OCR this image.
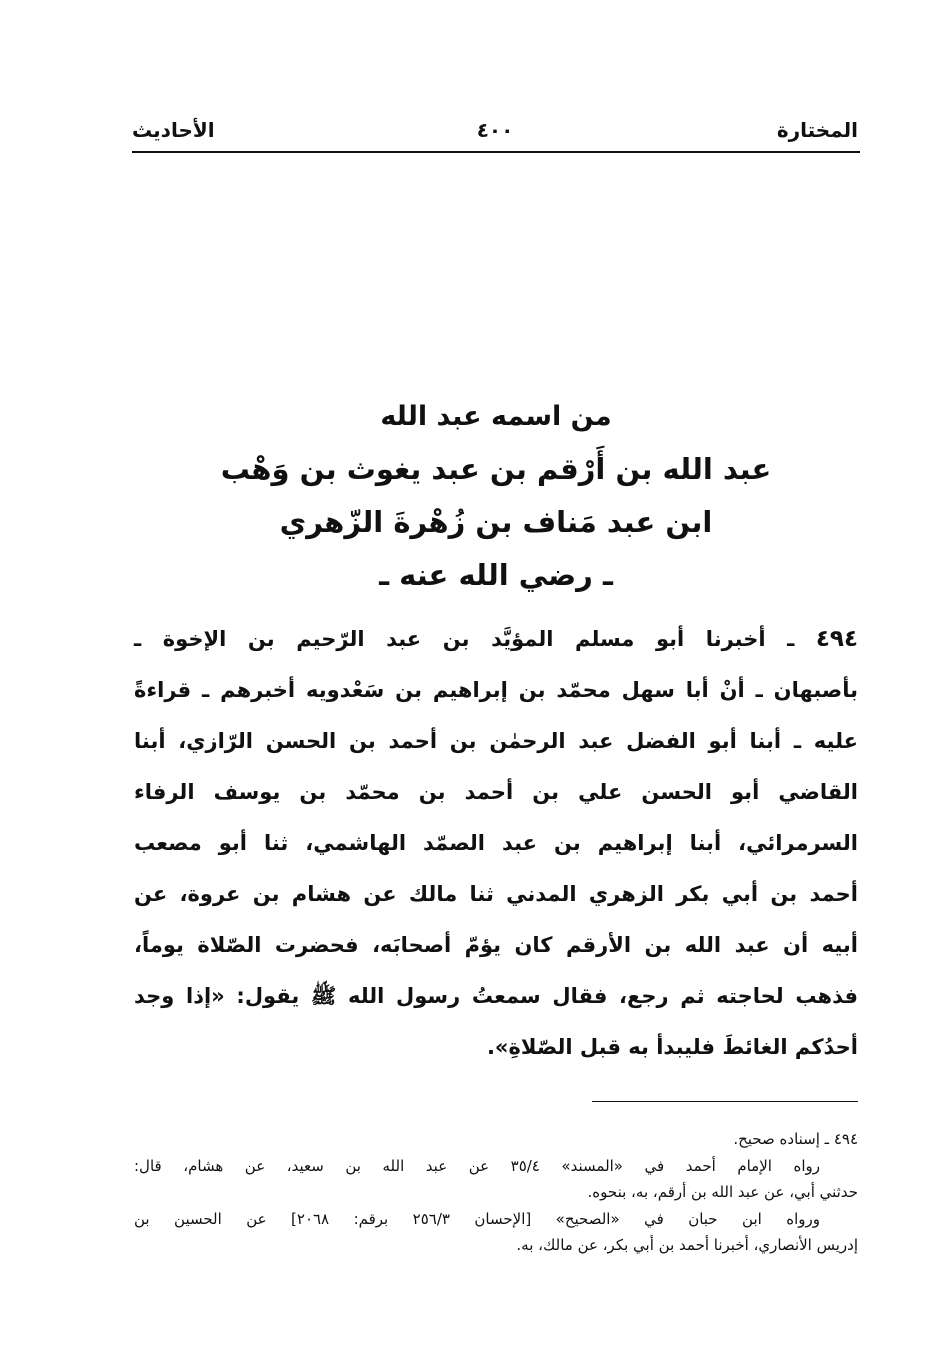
المختارة
٤٠٠
الأحاديث
من اسمه عبد الله
عبد الله بن أَرْقم بن عبد يغوث بن وَهْب
ابن عبد مَناف بن زُهْرةَ الزّهري
ـ رضي الله عنه ـ
٤٩٤ ـ أخبرنا أبو مسلم المؤيَّد بن عبد الرّحيم بن الإخوة ـ
بأصبهان ـ أنْ أبا سهل محمّد بن إبراهيم بن سَعْدويه أخبرهم ـ قراءةً
عليه ـ أبنا أبو الفضل عبد الرحمٰن بن أحمد بن الحسن الرّازي، أبنا
القاضي أبو الحسن علي بن أحمد بن محمّد بن يوسف الرفاء
السرمرائي، أبنا إبراهيم بن عبد الصمّد الهاشمي، ثنا أبو مصعب
أحمد بن أبي بكر الزهري المدني ثنا مالك عن هشام بن عروة، عن
أبيه أن عبد الله بن الأرقم كان يؤمّ أصحابَه، فحضرت الصّلاة يوماً،
فذهب لحاجته ثم رجع، فقال سمعتُ رسول الله ﷺ يقول: «إذا وجد
أحدُكم الغائطَ فليبدأ به قبل الصّلاةِ».
٤٩٤ ـ إسناده صحيح.
رواه الإمام أحمد في «المسند» ٣٥/٤ عن عبد الله بن سعيد، عن هشام، قال:
حدثني أبي، عن عبد الله بن أرقم، به، بنحوه.
ورواه ابن حبان في «الصحيح» [الإحسان ٢٥٦/٣ برقم: ٢٠٦٨] عن الحسين بن
إدريس الأنصاري، أخبرنا أحمد بن أبي بكر، عن مالك، به.
